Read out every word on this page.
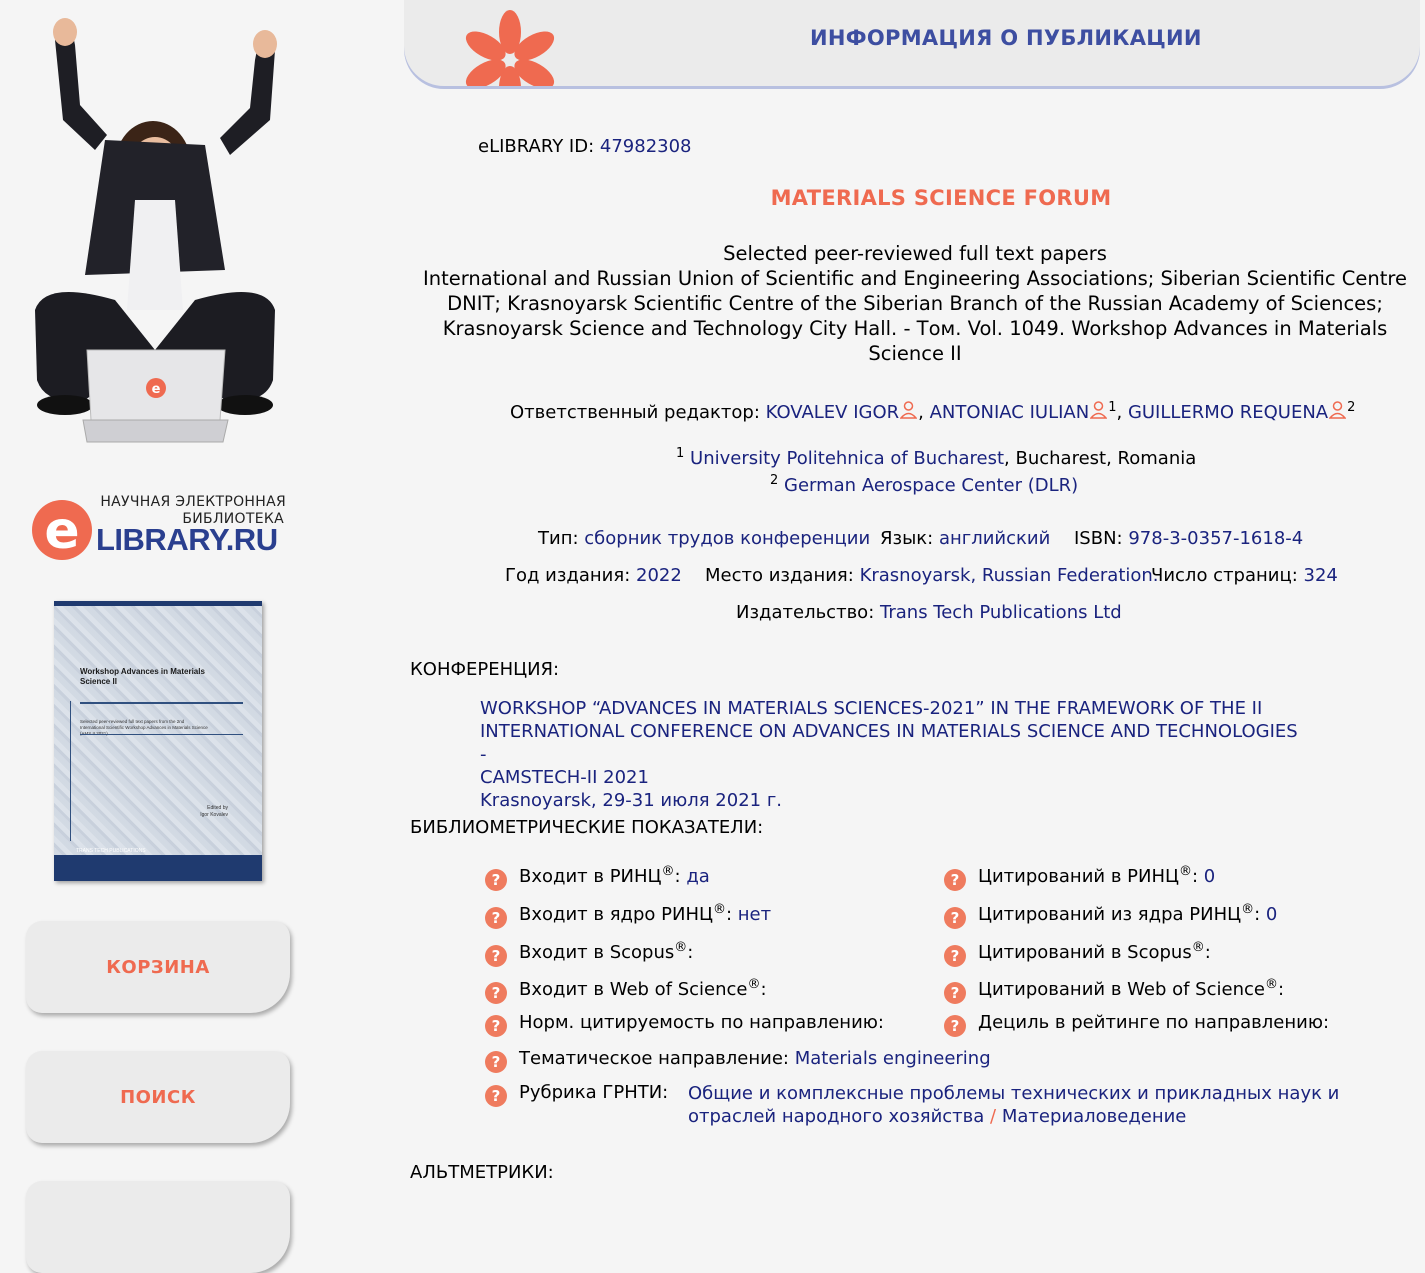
e
e НАУЧНАЯ ЭЛЕКТРОННАЯ
БИБЛИОТЕКА
LIBRARY.RU
Workshop Advances in Materials Science II
Selected peer-reviewed full text papers from the 2nd International Scientific Workshop Advances in Materials Science
Edited by
Igor Kovalev
TRANS TECH PUBLICATIONS
КОРЗИНА
ПОИСК
ИНФОРМАЦИЯ О ПУБЛИКАЦИИ
eLIBRARY ID: 47982308
MATERIALS SCIENCE FORUM
Selected peer-reviewed full text papers
International and Russian Union of Scientific and Engineering Associations; Siberian Scientific Centre
DNIT; Krasnoyarsk Scientific Centre of the Siberian Branch of the Russian Academy of Sciences;
Krasnoyarsk Science and Technology City Hall. - Том. Vol. 1049. Workshop Advances in Materials
Science II
Ответственный редактор: KOVALEV IGOR , ANTONIAC IULIAN $^1$, GUILLERMO REQUENA $^2$
$^1$ University Politehnica of Bucharest, Bucharest, Romania
$^2$ German Aerospace Center (DLR)
Тип: сборник трудов конференции Язык: английский ISBN: 978-3-0357-1618-4
Год издания: 2022 Место издания: Krasnoyarsk, Russian Federation.
Число страниц: 324
Издательство: Trans Tech Publications Ltd
КОНФЕРЕНЦИЯ:
WORKSHOP “ADVANCES IN MATERIALS SCIENCES-2021” IN THE FRAMEWORK OF THE II
INTERNATIONAL CONFERENCE ON ADVANCES IN MATERIALS SCIENCE AND TECHNOLOGIES -
CAMSTECH-II 2021
Krasnoyarsk, 29-31 июля 2021 г.
БИБЛИОМЕТРИЧЕСКИЕ ПОКАЗАТЕЛИ:
? Входит в РИНЦ®: да
? Входит в ядро РИНЦ®: нет
? Входит в Scopus®:
? Входит в Web of Science®:
? Норм. цитируемость по направлению:
? Цитирований в РИНЦ®: 0
? Цитирований из ядра РИНЦ®: 0
? Цитирований в Scopus®:
? Цитирований в Web of Science®:
? Дециль в рейтинге по направлению:
? Тематическое направление: Materials engineering
? Рубрика ГРНТИ: Общие и комплексные проблемы технических и прикладных наук и
отраслей народного хозяйства / Материаловедение
АЛЬТМЕТРИКИ:
